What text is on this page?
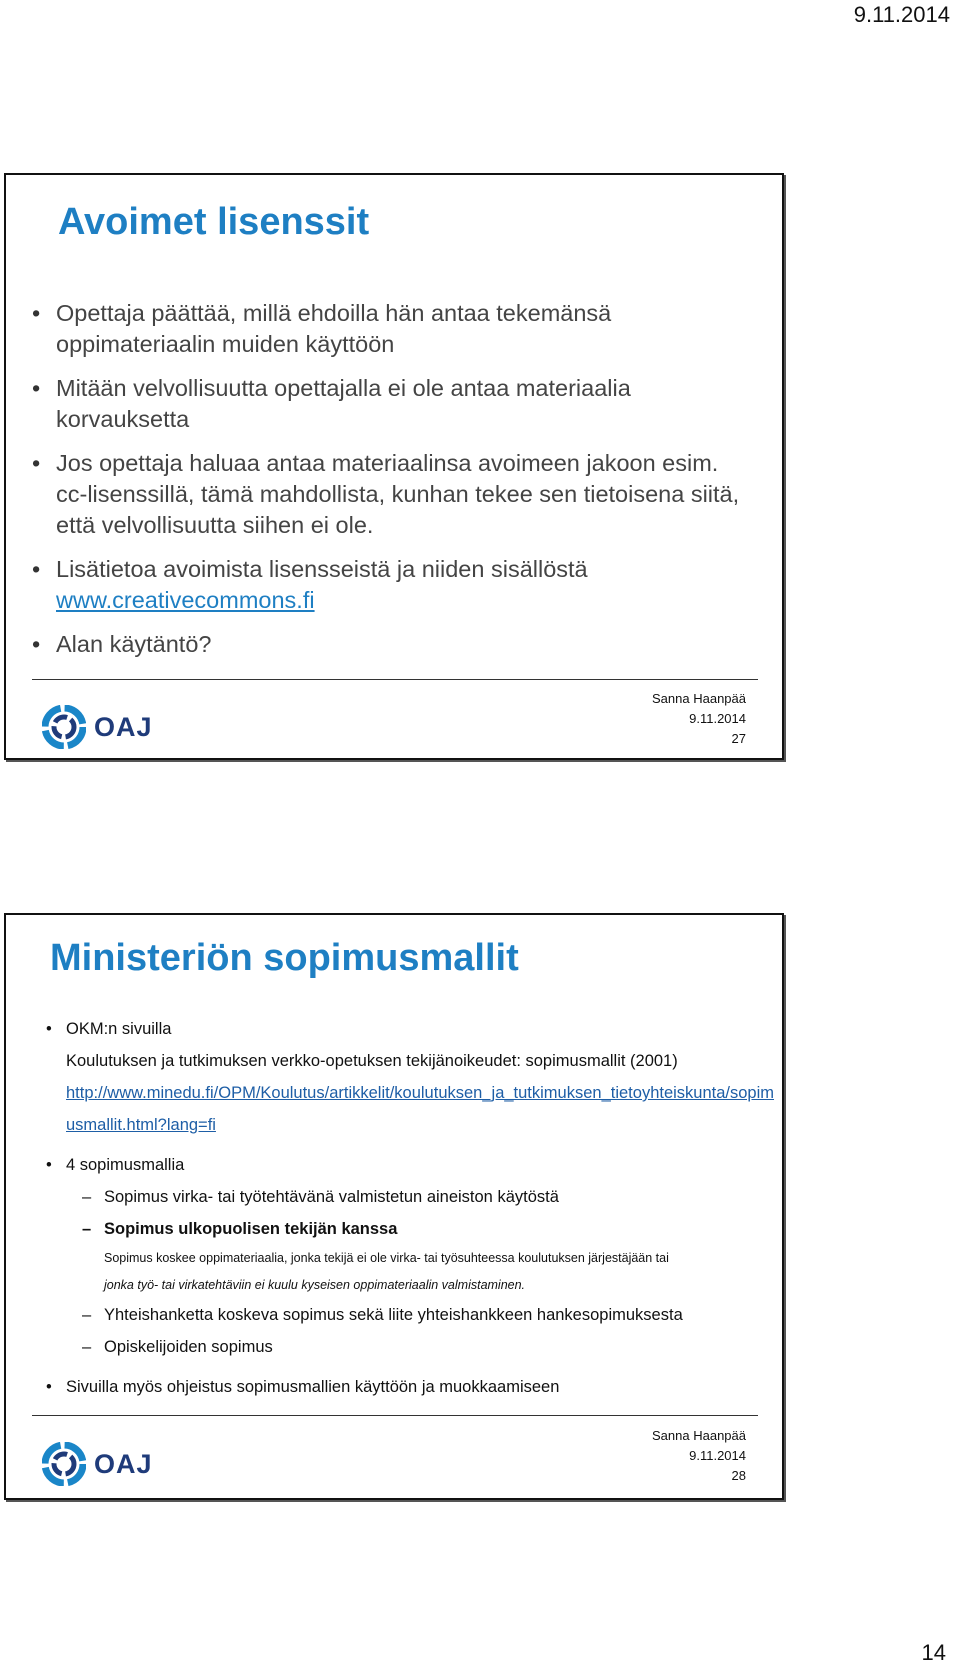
9.11.2014
Avoimet lisenssit
• Opettaja päättää, millä ehdoilla hän antaa tekemänsä oppimateriaalin muiden käyttöön
• Mitään velvollisuutta opettajalla ei ole antaa materiaalia korvauksetta
• Jos opettaja haluaa antaa materiaalinsa avoimeen jakoon esim. cc-lisenssillä, tämä mahdollista, kunhan tekee sen tietoisena siitä, että velvollisuutta siihen ei ole.
• Lisätietoa avoimista lisensseistä ja niiden sisällöstä
www.creativecommons.fi
• Alan käytäntö?
OAJ
Sanna Haanpää
9.11.2014
27
Ministeriön sopimusmallit
• OKM:n sivuilla
Koulutuksen ja tutkimuksen verkko-opetuksen tekijänoikeudet: sopimusmallit (2001)
http://www.minedu.fi/OPM/Koulutus/artikkelit/koulutuksen_ja_tutkimuksen_tietoyhteiskunta/sopimusmallit.html?lang=fi
• 4 sopimusmallia
– Sopimus virka- tai työtehtävänä valmistetun aineiston käytöstä
– Sopimus ulkopuolisen tekijän kanssa
Sopimus koskee oppimateriaalia, jonka tekijä ei ole virka- tai työsuhteessa koulutuksen järjestäjään tai
jonka työ- tai virkatehtäviin ei kuulu kyseisen oppimateriaalin valmistaminen.
– Yhteishanketta koskeva sopimus sekä liite yhteishankkeen hankesopimuksesta
– Opiskelijoiden sopimus
• Sivuilla myös ohjeistus sopimusmallien käyttöön ja muokkaamiseen
OAJ
Sanna Haanpää
9.11.2014
28
14
